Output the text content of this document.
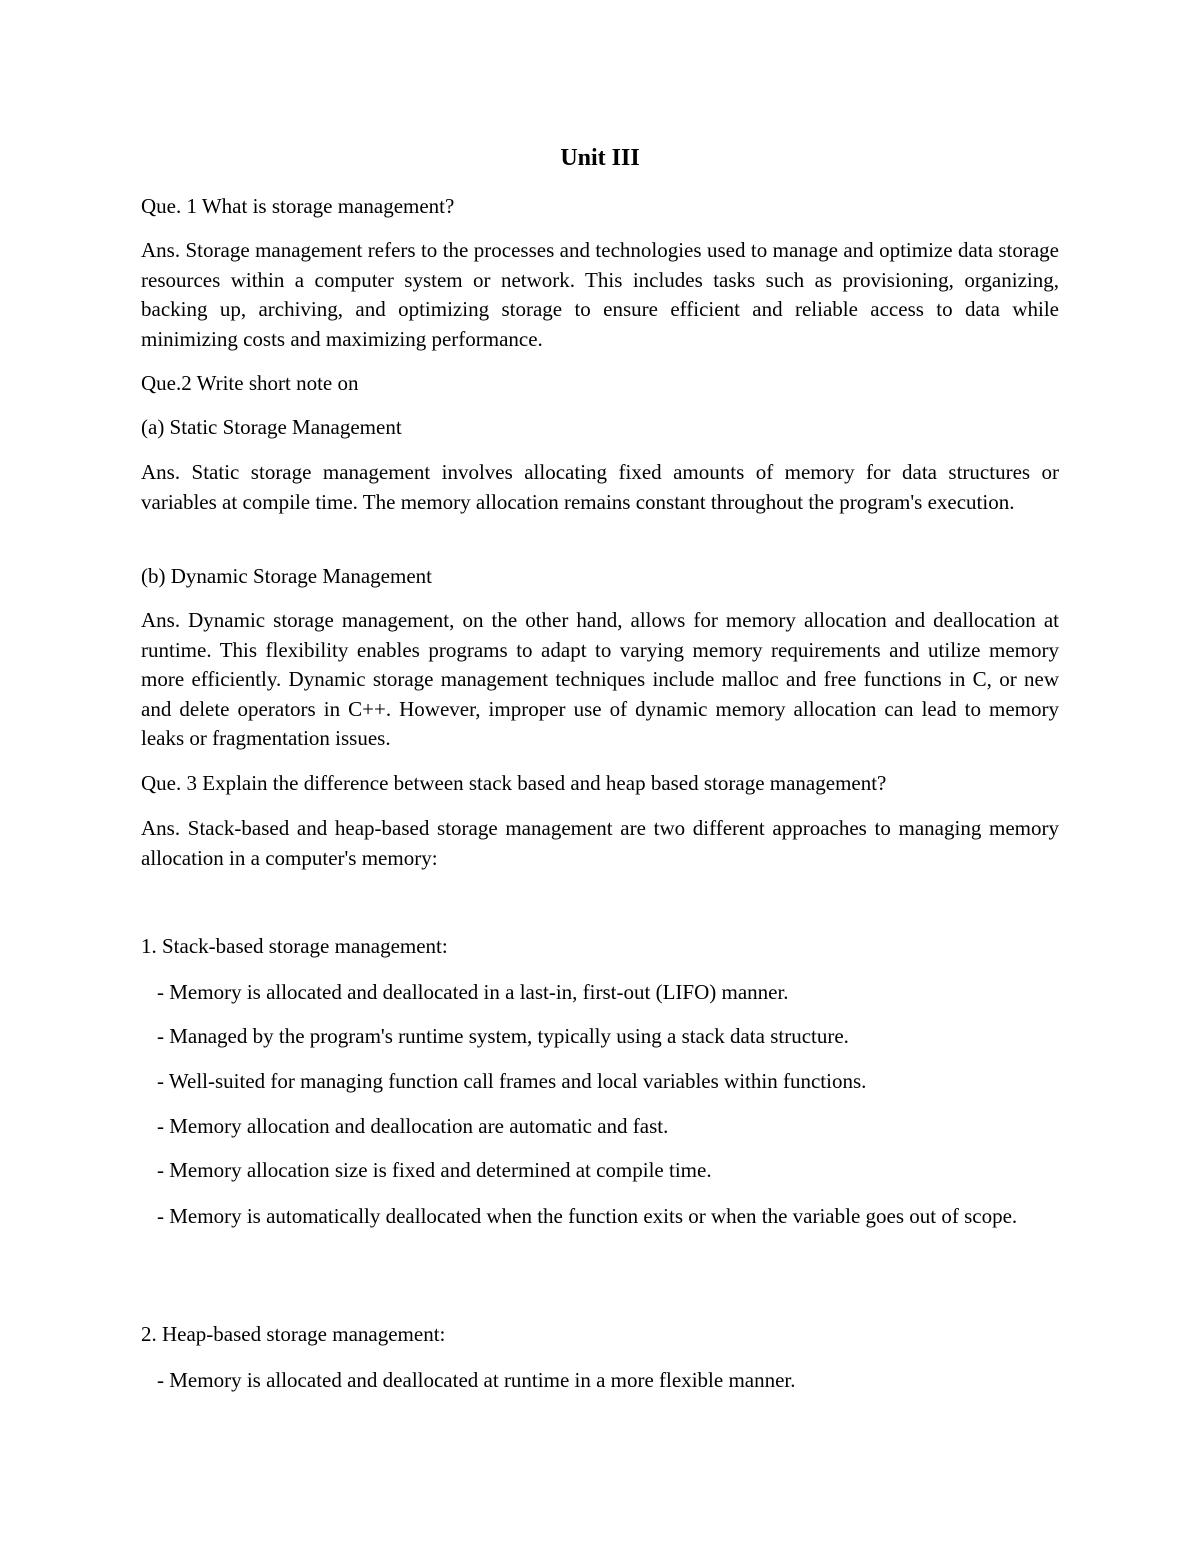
Unit III
Que. 1 What is storage management?

Ans. Storage management refers to the processes and technologies used to manage and optimize data storage resources within a computer system or network. This includes tasks such as provisioning, organizing, backing up, archiving, and optimizing storage to ensure efficient and reliable access to data while minimizing costs and maximizing performance.

Que.2 Write short note on
(a) Static Storage Management

Ans. Static storage management involves allocating fixed amounts of memory for data structures or variables at compile time. The memory allocation remains constant throughout the program's execution.

(b) Dynamic Storage Management

Ans. Dynamic storage management, on the other hand, allows for memory allocation and deallocation at runtime. This flexibility enables programs to adapt to varying memory requirements and utilize memory more efficiently. Dynamic storage management techniques include malloc and free functions in C, or new and delete operators in C++. However, improper use of dynamic memory allocation can lead to memory leaks or fragmentation issues.

Que. 3 Explain the difference between stack based and heap based storage management?

Ans. Stack-based and heap-based storage management are two different approaches to managing memory allocation in a computer's memory:

1. Stack-based storage management:
- Memory is allocated and deallocated in a last-in, first-out (LIFO) manner.
- Managed by the program's runtime system, typically using a stack data structure.
- Well-suited for managing function call frames and local variables within functions.
- Memory allocation and deallocation are automatic and fast.
- Memory allocation size is fixed and determined at compile time.

- Memory is automatically deallocated when the function exits or when the variable goes out of scope.

2. Heap-based storage management:
- Memory is allocated and deallocated at runtime in a more flexible manner.
